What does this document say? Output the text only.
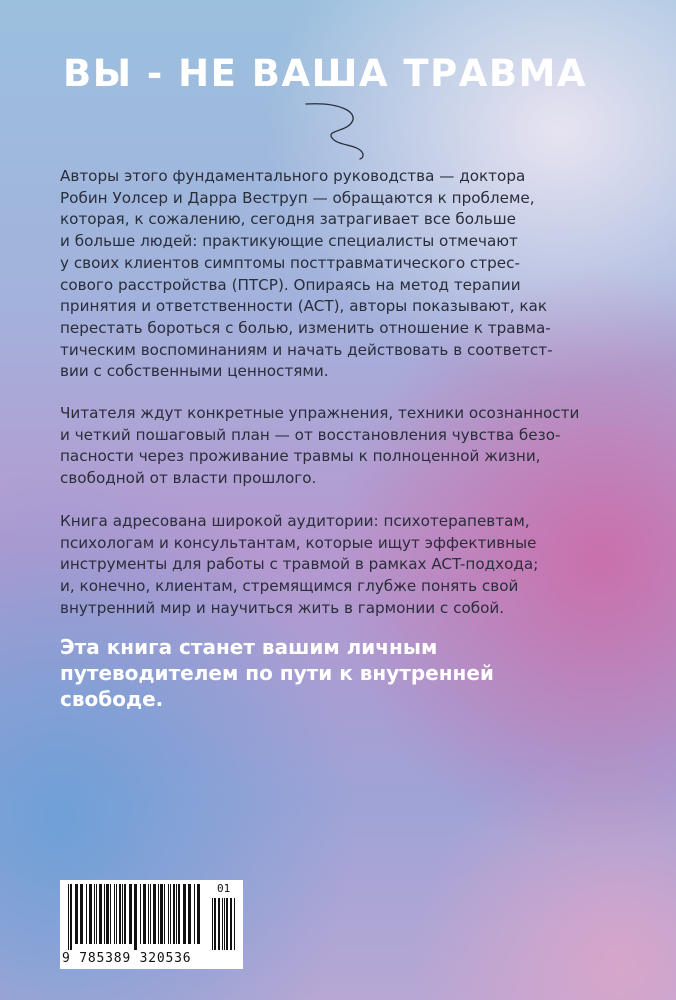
ВЫ - НЕ ВАША ТРАВМА

Авторы этого фундаментального руководства — доктора
Робин Уолсер и Дарра Веструп — обращаются к проблеме,
которая, к сожалению, сегодня затрагивает все больше
и больше людей: практикующие специалисты отмечают
у своих клиентов симптомы посттравматического стрес-
сового расстройства (ПТСР). Опираясь на метод терапии
принятия и ответственности (ACT), авторы показывают, как
перестать бороться с болью, изменить отношение к травма-
тическим воспоминаниям и начать действовать в соответст-
вии с собственными ценностями.

Читателя ждут конкретные упражнения, техники осознанности
и четкий пошаговый план — от восстановления чувства безо-
пасности через проживание травмы к полноценной жизни,
свободной от власти прошлого.

Книга адресована широкой аудитории: психотерапевтам,
психологам и консультантам, которые ищут эффективные
инструменты для работы с травмой в рамках ACT-подхода;
и, конечно, клиентам, стремящимся глубже понять свой
внутренний мир и научиться жить в гармонии с собой.

Эта книга станет вашим личным
путеводителем по пути к внутренней
свободе.

9 785389 320536
01
